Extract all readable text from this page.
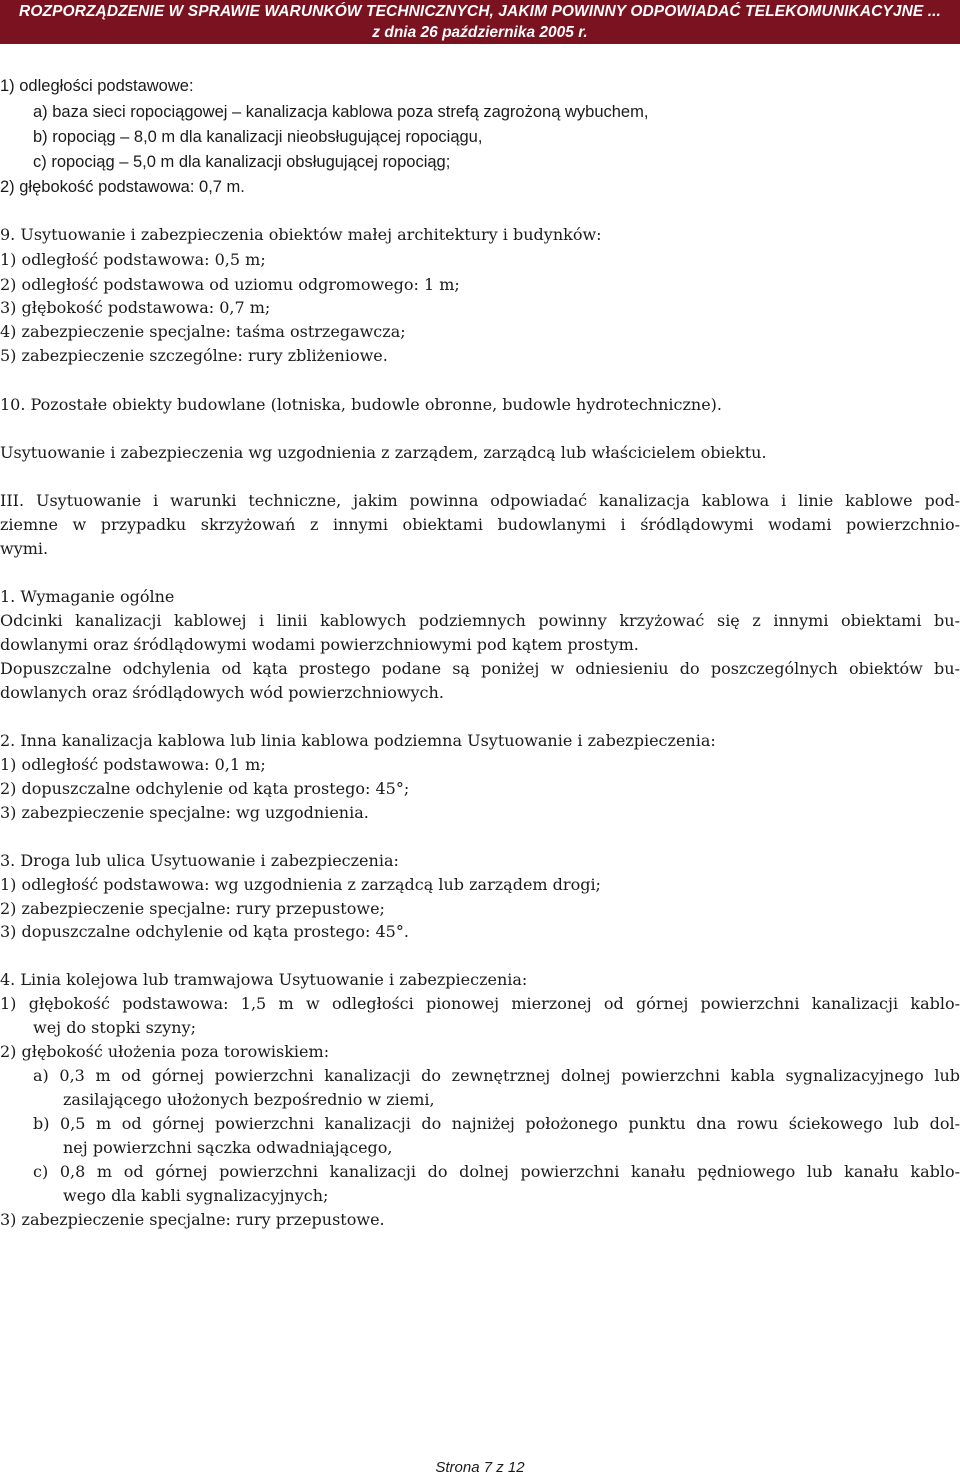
ROZPORZĄDZENIE W SPRAWIE WARUNKÓW TECHNICZNYCH, JAKIM POWINNY ODPOWIADAĆ TELEKOMUNIKACYJNE ...
z dnia 26 października 2005 r.
1) odległości podstawowe:
a) baza sieci ropociągowej – kanalizacja kablowa poza strefą zagrożoną wybuchem,
b) ropociąg – 8,0 m dla kanalizacji nieobsługującej ropociągu,
c) ropociąg – 5,0 m dla kanalizacji obsługującej ropociąg;
2) głębokość podstawowa: 0,7 m.
9. Usytuowanie i zabezpieczenia obiektów małej architektury i budynków:
1) odległość podstawowa: 0,5 m;
2) odległość podstawowa od uziomu odgromowego: 1 m;
3) głębokość podstawowa: 0,7 m;
4) zabezpieczenie specjalne: taśma ostrzegawcza;
5) zabezpieczenie szczególne: rury zbliżeniowe.
10. Pozostałe obiekty budowlane (lotniska, budowle obronne, budowle hydrotechniczne).
Usytuowanie i zabezpieczenia wg uzgodnienia z zarządem, zarządcą lub właścicielem obiektu.
III. Usytuowanie i warunki techniczne, jakim powinna odpowiadać kanalizacja kablowa i linie kablowe pod-
ziemne w przypadku skrzyżowań z innymi obiektami budowlanymi i śródlądowymi wodami powierzchnio-
wymi.
1. Wymaganie ogólne
Odcinki kanalizacji kablowej i linii kablowych podziemnych powinny krzyżować się z innymi obiektami bu-
dowlanymi oraz śródlądowymi wodami powierzchniowymi pod kątem prostym.
Dopuszczalne odchylenia od kąta prostego podane są poniżej w odniesieniu do poszczególnych obiektów bu-
dowlanych oraz śródlądowych wód powierzchniowych.
2. Inna kanalizacja kablowa lub linia kablowa podziemna Usytuowanie i zabezpieczenia:
1) odległość podstawowa: 0,1 m;
2) dopuszczalne odchylenie od kąta prostego: 45°;
3) zabezpieczenie specjalne: wg uzgodnienia.
3. Droga lub ulica Usytuowanie i zabezpieczenia:
1) odległość podstawowa: wg uzgodnienia z zarządcą lub zarządem drogi;
2) zabezpieczenie specjalne: rury przepustowe;
3) dopuszczalne odchylenie od kąta prostego: 45°.
4. Linia kolejowa lub tramwajowa Usytuowanie i zabezpieczenia:
1) głębokość podstawowa: 1,5 m w odległości pionowej mierzonej od górnej powierzchni kanalizacji kablo-
wej do stopki szyny;
2) głębokość ułożenia poza torowiskiem:
a) 0,3 m od górnej powierzchni kanalizacji do zewnętrznej dolnej powierzchni kabla sygnalizacyjnego lub
zasilającego ułożonych bezpośrednio w ziemi,
b) 0,5 m od górnej powierzchni kanalizacji do najniżej położonego punktu dna rowu ściekowego lub dol-
nej powierzchni sączka odwadniającego,
c) 0,8 m od górnej powierzchni kanalizacji do dolnej powierzchni kanału pędniowego lub kanału kablo-
wego dla kabli sygnalizacyjnych;
3) zabezpieczenie specjalne: rury przepustowe.
Strona 7 z 12
